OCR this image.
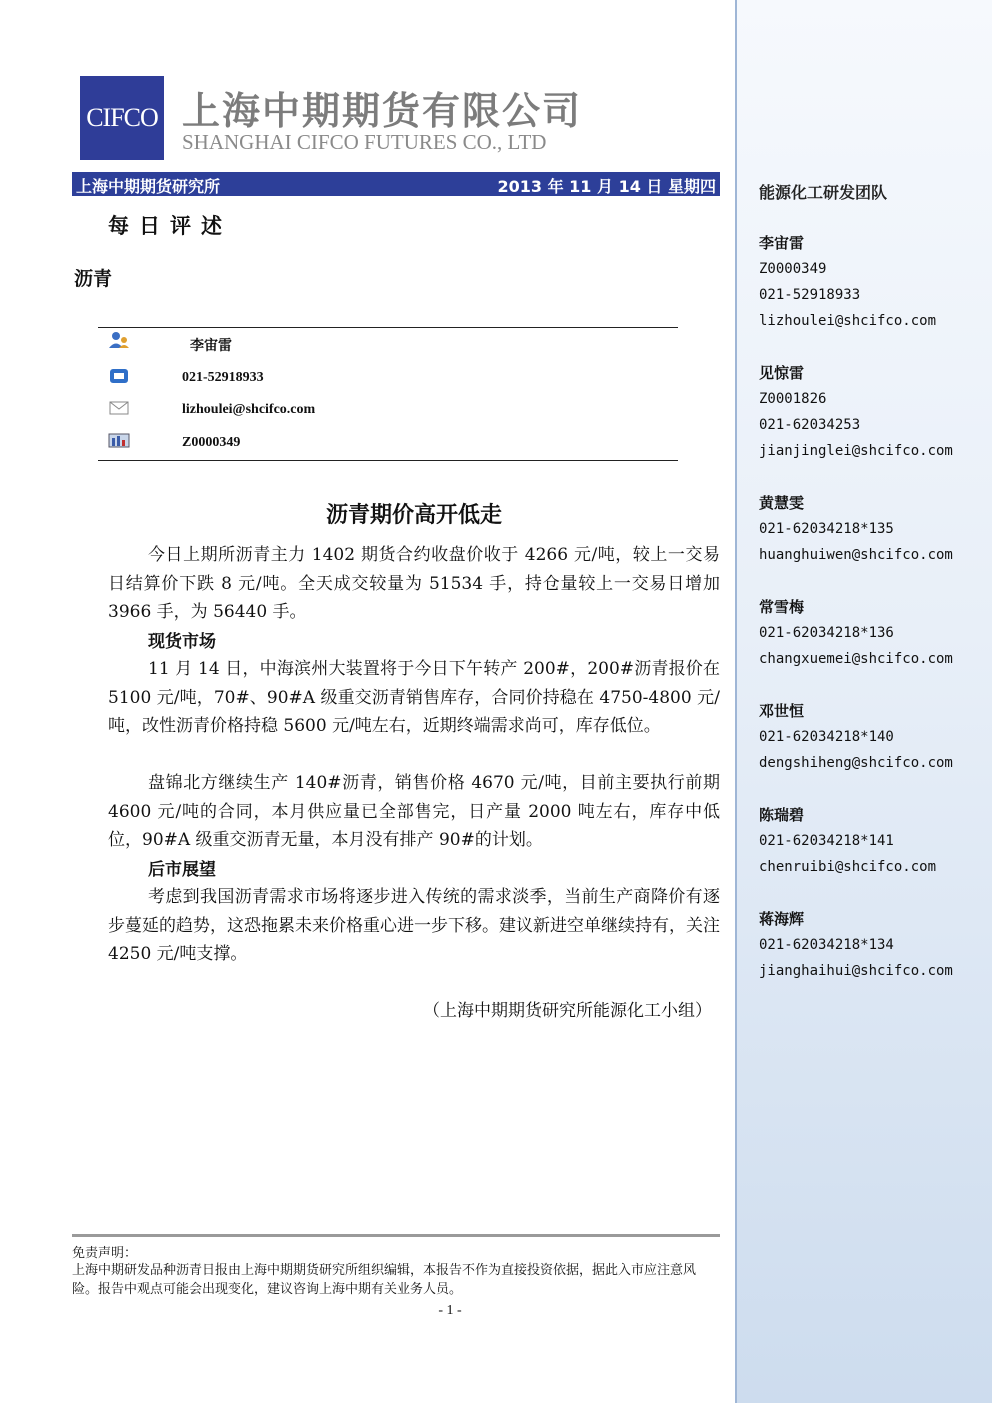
能源化工研发团队
李宙雷
Z0000349
021-52918933
lizhoulei@shcifco.com
见惊雷
Z0001826
021-62034253
jianjinglei@shcifco.com
黄慧雯
021-62034218*135
huanghuiwen@shcifco.com
常雪梅
021-62034218*136
changxuemei@shcifco.com
邓世恒
021-62034218*140
dengshiheng@shcifco.com
陈瑞碧
021-62034218*141
chenruibi@shcifco.com
蒋海辉
021-62034218*134
jianghaihui@shcifco.com
CIFCO 上海中期期货有限公司
SHANGHAI CIFCO FUTURES CO., LTD
上海中期期货研究所	2013 年 11 月 14 日 星期四
每日评述
沥青
李宙雷
021-52918933
lizhoulei@shcifco.com
Z0000349
沥青期价高开低走
今日上期所沥青主力 1402 期货合约收盘价收于 4266 元/吨，较上一交易日结算价下跌 8 元/吨。全天成交较量为 51534 手，持仓量较上一交易日增加 3966 手，为 56440 手。
现货市场
11 月 14 日，中海滨州大装置将于今日下午转产 200#，200#沥青报价在 5100 元/吨，70#、90#A 级重交沥青销售库存，合同价持稳在 4750-4800 元/吨，改性沥青价格持稳 5600 元/吨左右，近期终端需求尚可，库存低位。
盘锦北方继续生产 140#沥青，销售价格 4670 元/吨，目前主要执行前期 4600 元/吨的合同，本月供应量已全部售完，日产量 2000 吨左右，库存中低位，90#A 级重交沥青无量，本月没有排产 90#的计划。
后市展望
考虑到我国沥青需求市场将逐步进入传统的需求淡季，当前生产商降价有逐步蔓延的趋势，这恐拖累未来价格重心进一步下移。建议新进空单继续持有，关注 4250 元/吨支撑。
（上海中期期货研究所能源化工小组）
免责声明：
上海中期研发品种沥青日报由上海中期期货研究所组织编辑，本报告不作为直接投资依据，据此入市应注意风险。报告中观点可能会出现变化，建议咨询上海中期有关业务人员。
- 1 -
